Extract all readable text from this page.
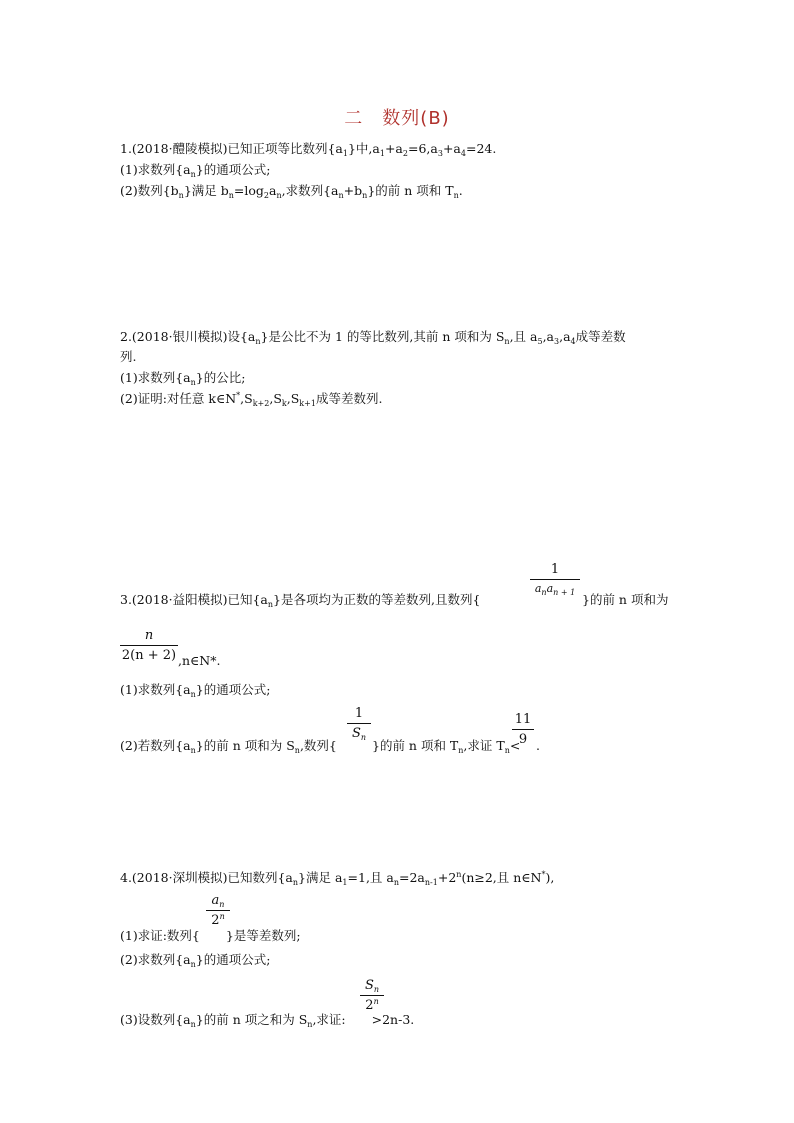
二　数列(B)
1.(2018·醴陵模拟)已知正项等比数列$\{a_1\}$中$,a_1+a_2=6,a_3+a_4=24$.
(1)求数列$\{a_n\}$的通项公式;
(2)数列$\{b_n\}$满足 $b_n=\log_2a_n$,求数列$\{a_n+b_n\}$的前 n 项和 $T_n$.
2.(2018·银川模拟)设$\{a_n\}$是公比不为 1 的等比数列,其前 n 项和为 $S_n$,且 $a_5,a_3,a_4$成等差数
列.
(1)求数列$\{a_n\}$的公比;
(2)证明:对任意 $k\in N^*,S_{k+2},S_k,S_{k+1}$成等差数列.
3.(2018·益阳模拟)已知$\{a_n\}$是各项均为正数的等差数列,且数列{
1
$a_na_{n + 1}$ }的前 n 项和为
n
2(n + 2) ,n∈N*.
(1)求数列$\{a_n\}$的通项公式;
(2)若数列$\{a_n\}$的前 n 项和为 $S_n$,数列{
1
$S_n$
}的前 n 项和 $T_n$,求证 $T_n<$
11
9 .
4.(2018·深圳模拟)已知数列$\{a_n\}$满足 $a_1=1$,且 $a_n=2a_{n-1}+2^n(n\ge 2$,且 n∈N*),
$a_n$
2$^n$
(1)求证:数列{ }是等差数列;
(2)求数列$\{a_n\}$的通项公式;
$S_n$
2$^n$
(3)设数列$\{a_n\}$的前 n 项之和为 $S_n$,求证: >2n-3.
